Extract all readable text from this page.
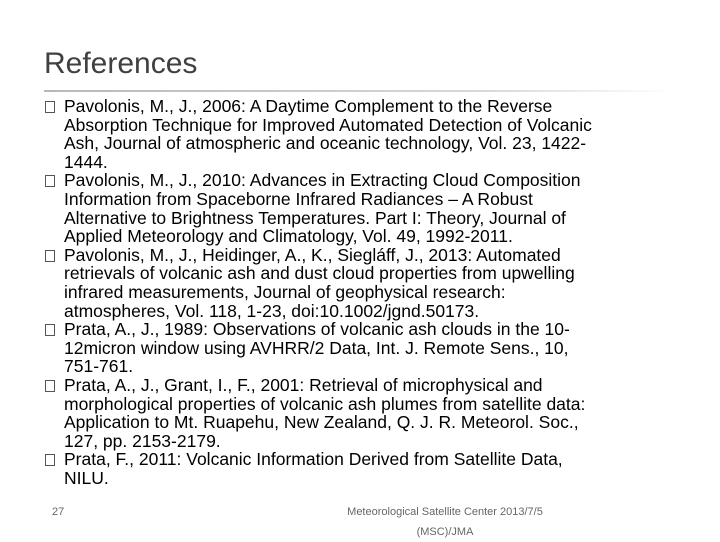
References
Pavolonis, M., J., 2006: A Daytime Complement to the Reverse
Absorption Technique for Improved Automated Detection of Volcanic
Ash, Journal of atmospheric and oceanic technology, Vol. 23, 1422-
1444.
Pavolonis, M., J., 2010: Advances in Extracting Cloud Composition
Information from Spaceborne Infrared Radiances – A Robust
Alternative to Brightness Temperatures. Part I: Theory, Journal of
Applied Meteorology and Climatology, Vol. 49, 1992-2011.
Pavolonis, M., J., Heidinger, A., K., Siegláff, J., 2013: Automated
retrievals of volcanic ash and dust cloud properties from upwelling
infrared measurements, Journal of geophysical research:
atmospheres, Vol. 118, 1-23, doi:10.1002/jgnd.50173.
Prata, A., J., 1989: Observations of volcanic ash clouds in the 10-
12micron window using AVHRR/2 Data, Int. J. Remote Sens., 10,
751-761.
Prata, A., J., Grant, I., F., 2001: Retrieval of microphysical and
morphological properties of volcanic ash plumes from satellite data:
Application to Mt. Ruapehu, New Zealand, Q. J. R. Meteorol. Soc.,
127, pp. 2153-2179.
Prata, F., 2011: Volcanic Information Derived from Satellite Data,
NILU.
27	Meteorological Satellite Center 2013/7/5
(MSC)/JMA
